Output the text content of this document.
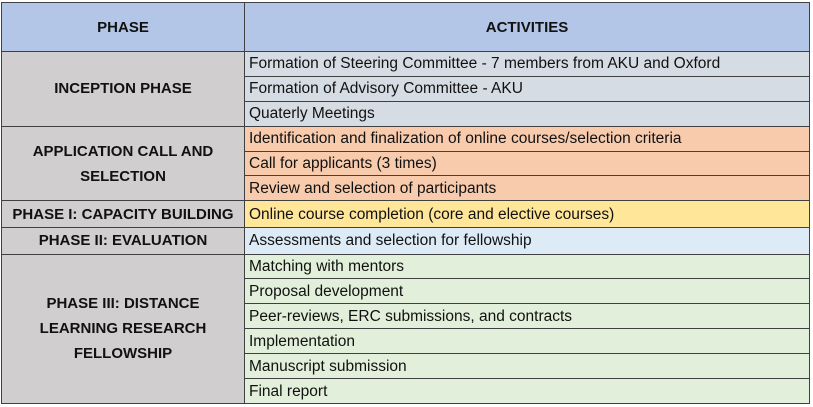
PHASE	ACTIVITIES
INCEPTION PHASE	Formation of Steering Committee - 7 members from AKU and Oxford
	Formation of Advisory Committee - AKU
	Quaterly Meetings
APPLICATION CALL AND
SELECTION	Identification and finalization of online courses/selection criteria
	Call for applicants (3 times)
	Review and selection of participants
PHASE I: CAPACITY BUILDING	Online course completion (core and elective courses)
PHASE II: EVALUATION	Assessments and selection for fellowship
PHASE III: DISTANCE
LEARNING RESEARCH
FELLOWSHIP	Matching with mentors
	Proposal development
	Peer-reviews, ERC submissions, and contracts
	Implementation
	Manuscript submission
	Final report
